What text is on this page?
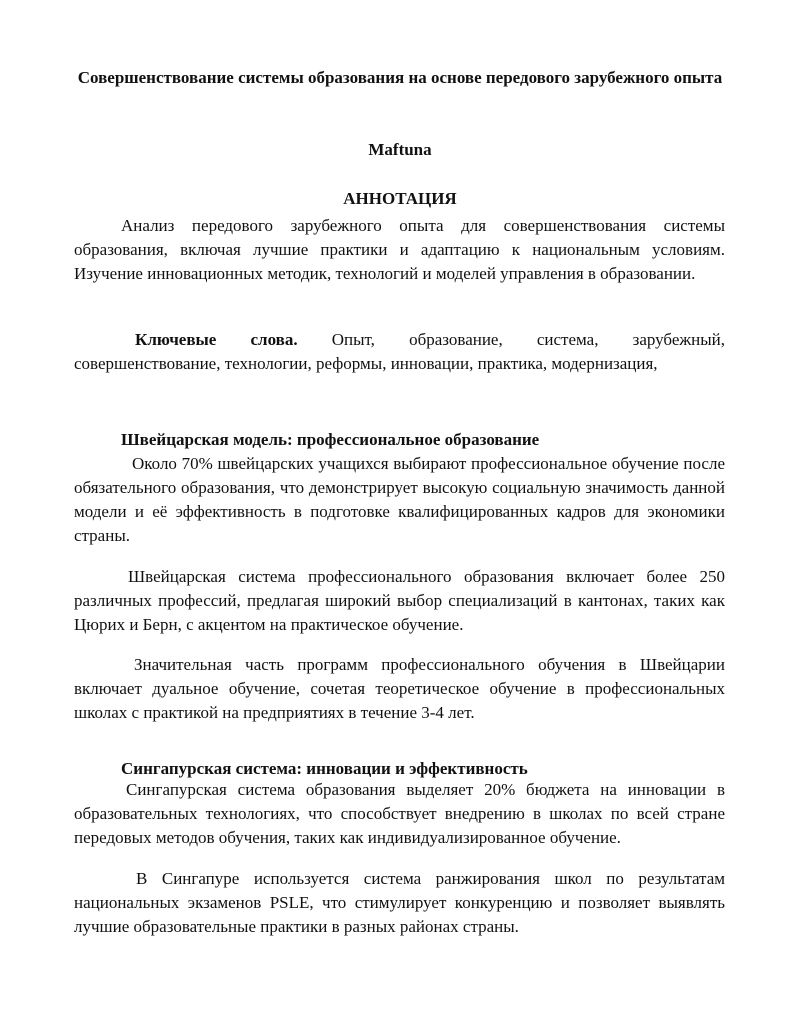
Совершенствование системы образования на основе передового зарубежного опыта
Maftuna
АННОТАЦИЯ

Анализ передового зарубежного опыта для совершенствования системы образования, включая лучшие практики и адаптацию к национальным условиям. Изучение инновационных методик, технологий и моделей управления в образовании.

Ключевые слова. Опыт, образование, система, зарубежный, совершенствование, технологии, реформы, инновации, практика, модернизация,

Швейцарская модель: профессиональное образование

Около 70% швейцарских учащихся выбирают профессиональное обучение после обязательного образования, что демонстрирует высокую социальную значимость данной модели и её эффективность в подготовке квалифицированных кадров для экономики страны.

Швейцарская система профессионального образования включает более 250 различных профессий, предлагая широкий выбор специализаций в кантонах, таких как Цюрих и Берн, с акцентом на практическое обучение.

Значительная часть программ профессионального обучения в Швейцарии включает дуальное обучение, сочетая теоретическое обучение в профессиональных школах с практикой на предприятиях в течение 3-4 лет.

Сингапурская система: инновации и эффективность

Сингапурская система образования выделяет 20% бюджета на инновации в образовательных технологиях, что способствует внедрению в школах по всей стране передовых методов обучения, таких как индивидуализированное обучение.

В Сингапуре используется система ранжирования школ по результатам национальных экзаменов PSLE, что стимулирует конкуренцию и позволяет выявлять лучшие образовательные практики в разных районах страны.
